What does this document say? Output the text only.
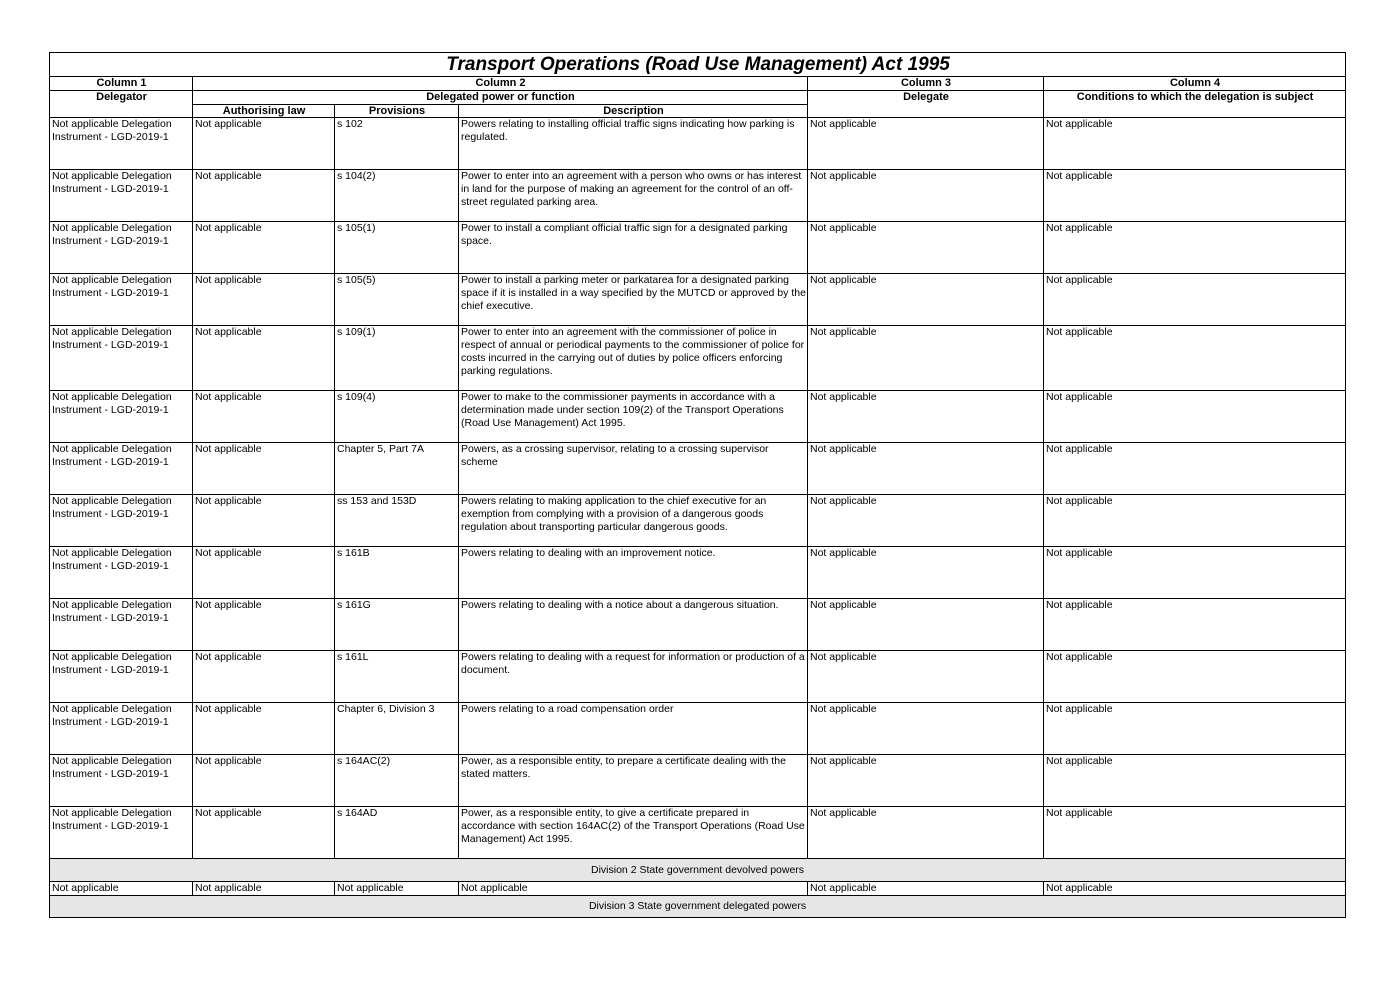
Transport Operations (Road Use Management) Act 1995					
Column 1	Column 2			Column 3	Column 4
Delegator	Delegated power or function			Delegate	Conditions to which the delegation is subject
	Authorising law	Provisions	Description		
Not applicable Delegation Instrument - LGD-2019-1	Not applicable	s 102	Powers relating to installing official traffic signs indicating how parking is regulated.	Not applicable	Not applicable
Not applicable Delegation Instrument - LGD-2019-1	Not applicable	s 104(2)	Power to enter into an agreement with a person who owns or has interest in land for the purpose of making an agreement for the control of an off-street regulated parking area.	Not applicable	Not applicable
Not applicable Delegation Instrument - LGD-2019-1	Not applicable	s 105(1)	Power to install a compliant official traffic sign for a designated parking space.	Not applicable	Not applicable
Not applicable Delegation Instrument - LGD-2019-1	Not applicable	s 105(5)	Power to install a parking meter or parkatarea for a designated parking space if it is installed in a way specified by the MUTCD or approved by the chief executive.	Not applicable	Not applicable
Not applicable Delegation Instrument - LGD-2019-1	Not applicable	s 109(1)	Power to enter into an agreement with the commissioner of police in respect of annual or periodical payments to the commissioner of police for costs incurred in the carrying out of duties by police officers enforcing parking regulations.	Not applicable	Not applicable
Not applicable Delegation Instrument - LGD-2019-1	Not applicable	s 109(4)	Power to make to the commissioner payments in accordance with a determination made under section 109(2) of the Transport Operations (Road Use Management) Act 1995.	Not applicable	Not applicable
Not applicable Delegation Instrument - LGD-2019-1	Not applicable	Chapter 5, Part 7A	Powers, as a crossing supervisor, relating to a crossing supervisor scheme	Not applicable	Not applicable
Not applicable Delegation Instrument - LGD-2019-1	Not applicable	ss 153 and 153D	Powers relating to making application to the chief executive for an exemption from complying with a provision of a dangerous goods regulation about transporting particular dangerous goods.	Not applicable	Not applicable
Not applicable Delegation Instrument - LGD-2019-1	Not applicable	s 161B	Powers relating to dealing with an improvement notice.	Not applicable	Not applicable
Not applicable Delegation Instrument - LGD-2019-1	Not applicable	s 161G	Powers relating to dealing with a notice about a dangerous situation.	Not applicable	Not applicable
Not applicable Delegation Instrument - LGD-2019-1	Not applicable	s 161L	Powers relating to dealing with a request for information or production of a document.	Not applicable	Not applicable
Not applicable Delegation Instrument - LGD-2019-1	Not applicable	Chapter 6, Division 3	Powers relating to a road compensation order	Not applicable	Not applicable
Not applicable Delegation Instrument - LGD-2019-1	Not applicable	s 164AC(2)	Power, as a responsible entity, to prepare a certificate dealing with the stated matters.	Not applicable	Not applicable
Not applicable Delegation Instrument - LGD-2019-1	Not applicable	s 164AD	Power, as a responsible entity, to give a certificate prepared in accordance with section 164AC(2) of the Transport Operations (Road Use Management) Act 1995.	Not applicable	Not applicable
Division 2 State government devolved powers					
Not applicable	Not applicable	Not applicable	Not applicable	Not applicable	Not applicable
Division 3 State government delegated powers					
